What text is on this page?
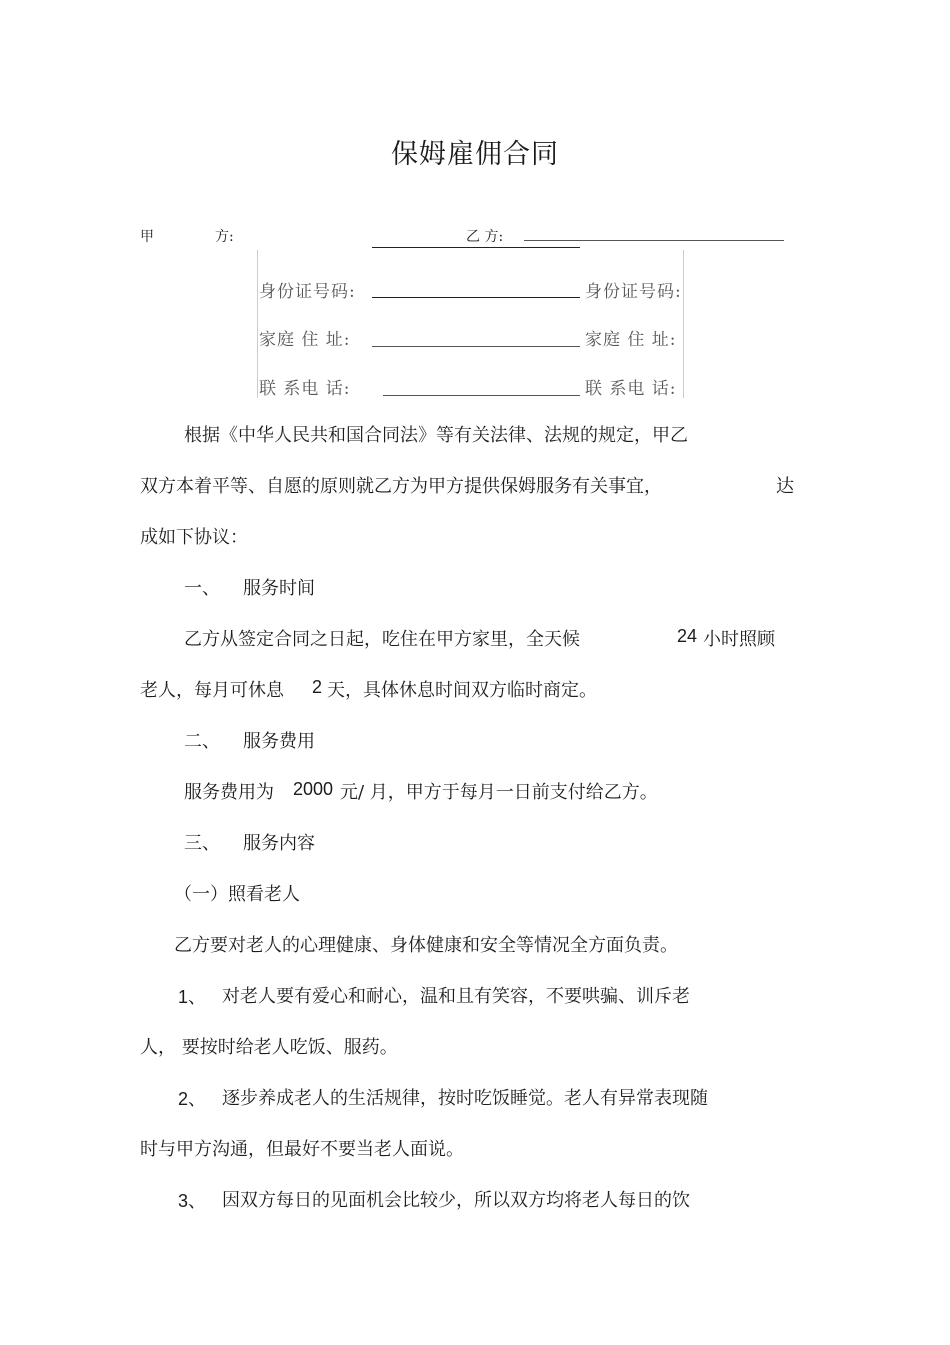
保姆雇佣合同
甲	方:	乙 方:
身份证号码:	身份证号码:
家庭 住 址:	家庭 住 址:
联 系电 话:	联 系电 话:
根据《中华人民共和国合同法》等有关法律、法规的规定，甲乙
双方本着平等、自愿的原则就乙方为甲方提供保姆服务有关事宜，	达
成如下协议：
一、 服务时间
乙方从签定合同之日起，吃住在甲方家里，全天候	24 小时照顾
老人，每月可休息 2 天，具体休息时间双方临时商定。
二、 服务费用
服务费用为 2000 元/ 月，甲方于每月一日前支付给乙方。
三、 服务内容
（一）照看老人
乙方要对老人的心理健康、身体健康和安全等情况全方面负责。
1、 对老人要有爱心和耐心，温和且有笑容，不要哄骗、训斥老
人， 要按时给老人吃饭、服药。
2、 逐步养成老人的生活规律，按时吃饭睡觉。老人有异常表现随
时与甲方沟通，但最好不要当老人面说。
3、 因双方每日的见面机会比较少，所以双方均将老人每日的饮
